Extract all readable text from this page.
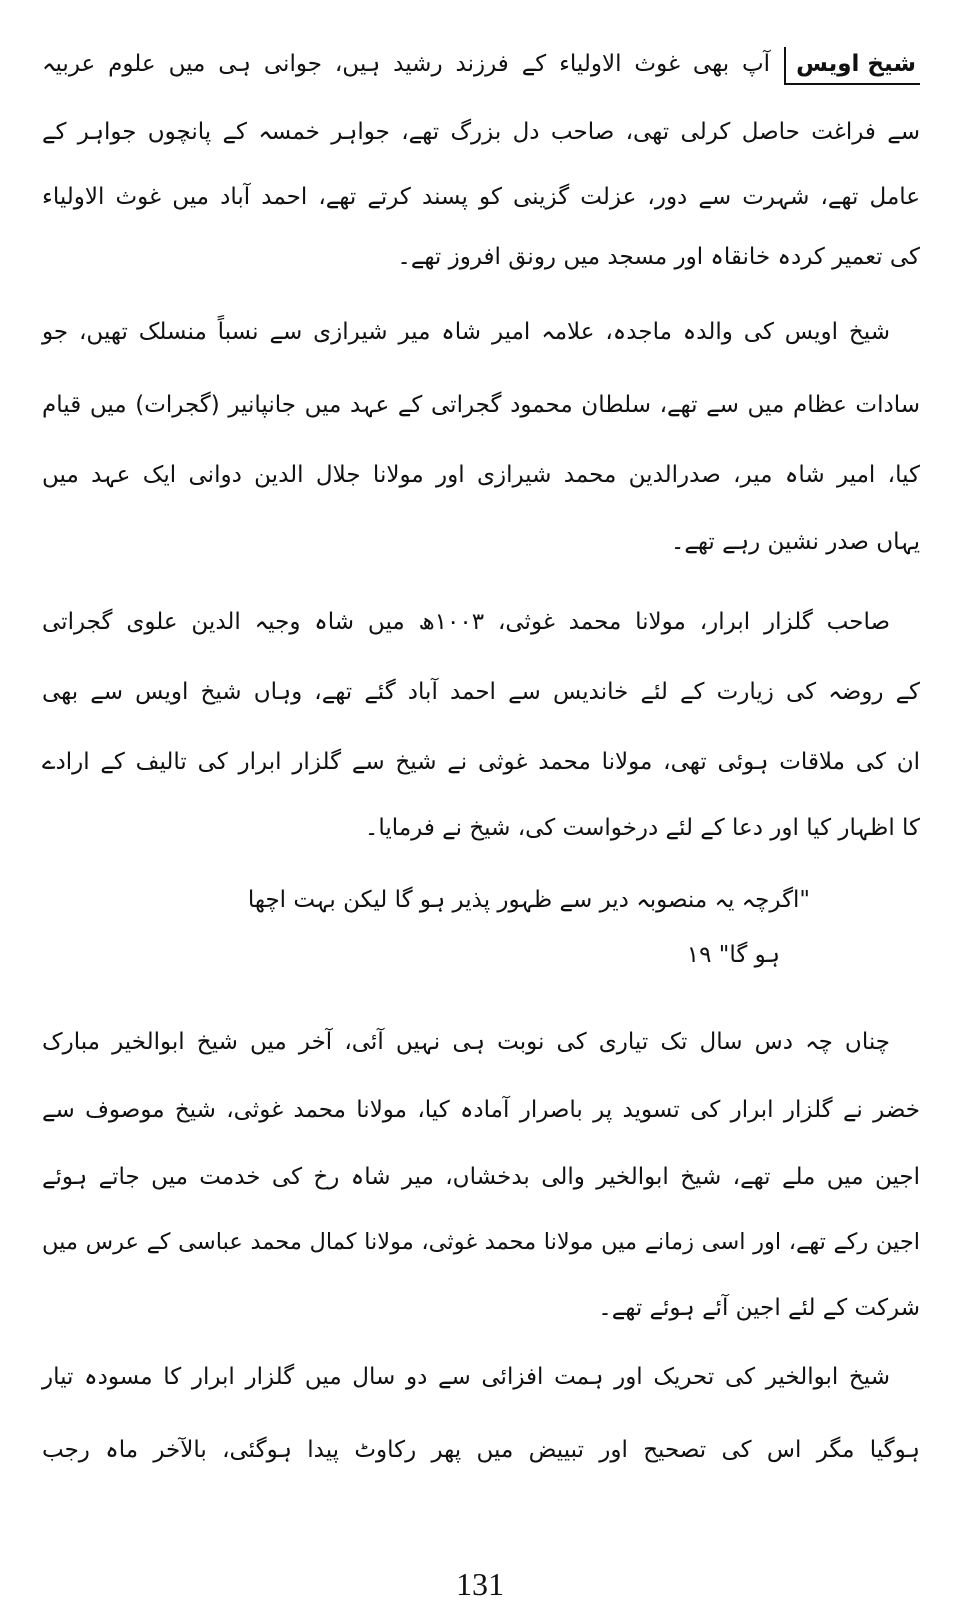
شیخ اویسآپ بھی غوث الاولیاء کے فرزند رشید ہیں، جوانی ہی میں علوم عربیہ
سے فراغت حاصل کرلی تھی، صاحب دل بزرگ تھے، جواہر خمسہ کے پانچوں جواہر کے
عامل تھے، شہرت سے دور، عزلت گزینی کو پسند کرتے تھے، احمد آباد میں غوث الاولیاء
کی تعمیر کردہ خانقاہ اور مسجد میں رونق افروز تھے۔
شیخ اویس کی والدہ ماجدہ، علامہ امیر شاہ میر شیرازی سے نسباً منسلک تھیں، جو
سادات عظام میں سے تھے، سلطان محمود گجراتی کے عہد میں جانپانیر (گجرات) میں قیام
کیا، امیر شاہ میر، صدرالدین محمد شیرازی اور مولانا جلال الدین دوانی ایک عہد میں
یہاں صدر نشین رہے تھے۔
صاحب گلزار ابرار، مولانا محمد غوثی، ۱۰۰۳ھ میں شاہ وجیہ الدین علوی گجراتی
کے روضہ کی زیارت کے لئے خاندیس سے احمد آباد گئے تھے، وہاں شیخ اویس سے بھی
ان کی ملاقات ہوئی تھی، مولانا محمد غوثی نے شیخ سے گلزار ابرار کی تالیف کے ارادے
کا اظہار کیا اور دعا کے لئے درخواست کی، شیخ نے فرمایا۔
"اگرچہ یہ منصوبہ دیر سے ظہور پذیر ہو گا لیکن بہت اچھا
ہو گا" ۱۹
چناں چہ دس سال تک تیاری کی نوبت ہی نہیں آئی، آخر میں شیخ ابوالخیر مبارک
خضر نے گلزار ابرار کی تسوید پر باصرار آمادہ کیا، مولانا محمد غوثی، شیخ موصوف سے
اجین میں ملے تھے، شیخ ابوالخیر والی بدخشاں، میر شاہ رخ کی خدمت میں جاتے ہوئے
اجین رکے تھے، اور اسی زمانے میں مولانا محمد غوثی، مولانا کمال محمد عباسی کے عرس میں
شرکت کے لئے اجین آئے ہوئے تھے۔
شیخ ابوالخیر کی تحریک اور ہمت افزائی سے دو سال میں گلزار ابرار کا مسودہ تیار
ہوگیا مگر اس کی تصحیح اور تبییض میں پھر رکاوٹ پیدا ہوگئی، بالآخر ماہ رجب
131
